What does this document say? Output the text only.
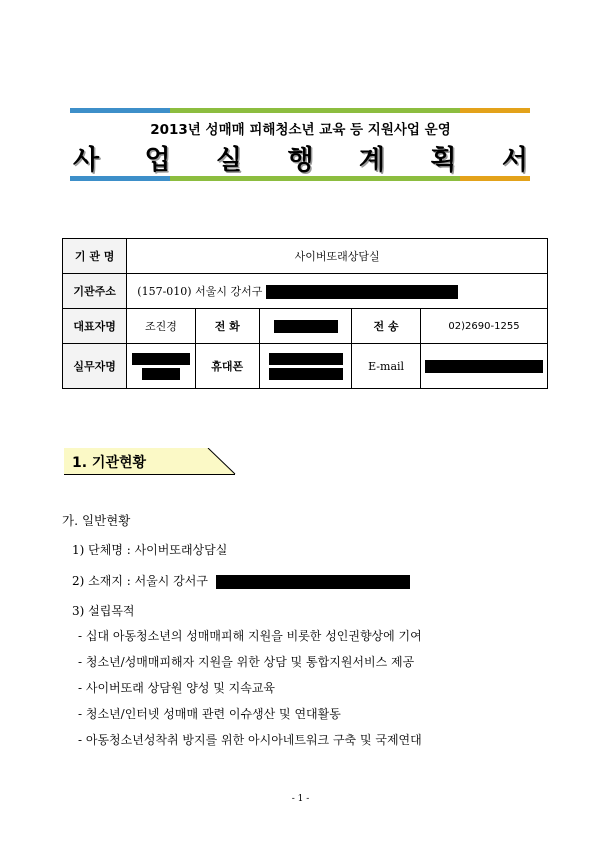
2013년 성매매 피해청소년 교육 등 지원사업 운영
사 업 실 행 계 획 서
기 관 명	사이버또래상담실				
기관주소	(157-010) 서울시 강서구				
대표자명	조진경	전 화		전 송	02)2690-1255
실무자명		휴대폰		E-mail	
1. 기관현황
가. 일반현황
1) 단체명 : 사이버또래상담실
2) 소재지 : 서울시 강서구
3) 설립목적
- 십대 아동청소년의 성매매피해 지원을 비롯한 성인권향상에 기여
- 청소년/성매매피해자 지원을 위한 상담 및 통합지원서비스 제공
- 사이버또래 상담원 양성 및 지속교육
- 청소년/인터넷 성매매 관련 이슈생산 및 연대활동
- 아동청소년성착취 방지를 위한 아시아네트워크 구축 및 국제연대
- 1 -
